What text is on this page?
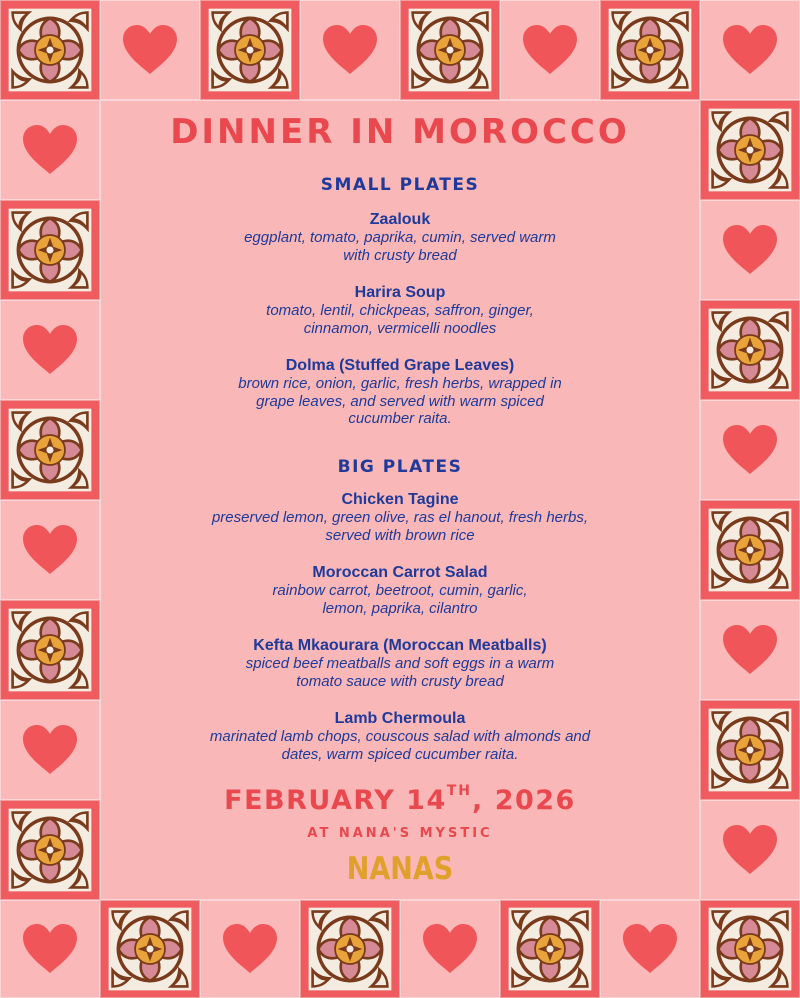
DINNER IN MOROCCO
SMALL PLATES
Zaalouk
eggplant, tomato, paprika, cumin, served warm
with crusty bread
Harira Soup
tomato, lentil, chickpeas, saffron, ginger,
cinnamon, vermicelli noodles
Dolma (Stuffed Grape Leaves)
brown rice, onion, garlic, fresh herbs, wrapped in
grape leaves, and served with warm spiced
cucumber raita.
BIG PLATES
Chicken Tagine
preserved lemon, green olive, ras el hanout, fresh herbs,
served with brown rice
Moroccan Carrot Salad
rainbow carrot, beetroot, cumin, garlic,
lemon, paprika, cilantro
Kefta Mkaourara (Moroccan Meatballs)
spiced beef meatballs and soft eggs in a warm
tomato sauce with crusty bread
Lamb Chermoula
marinated lamb chops, couscous salad with almonds and
dates, warm spiced cucumber raita.
FEBRUARY 14TH, 2026
AT NANA'S MYSTIC
NANAS
